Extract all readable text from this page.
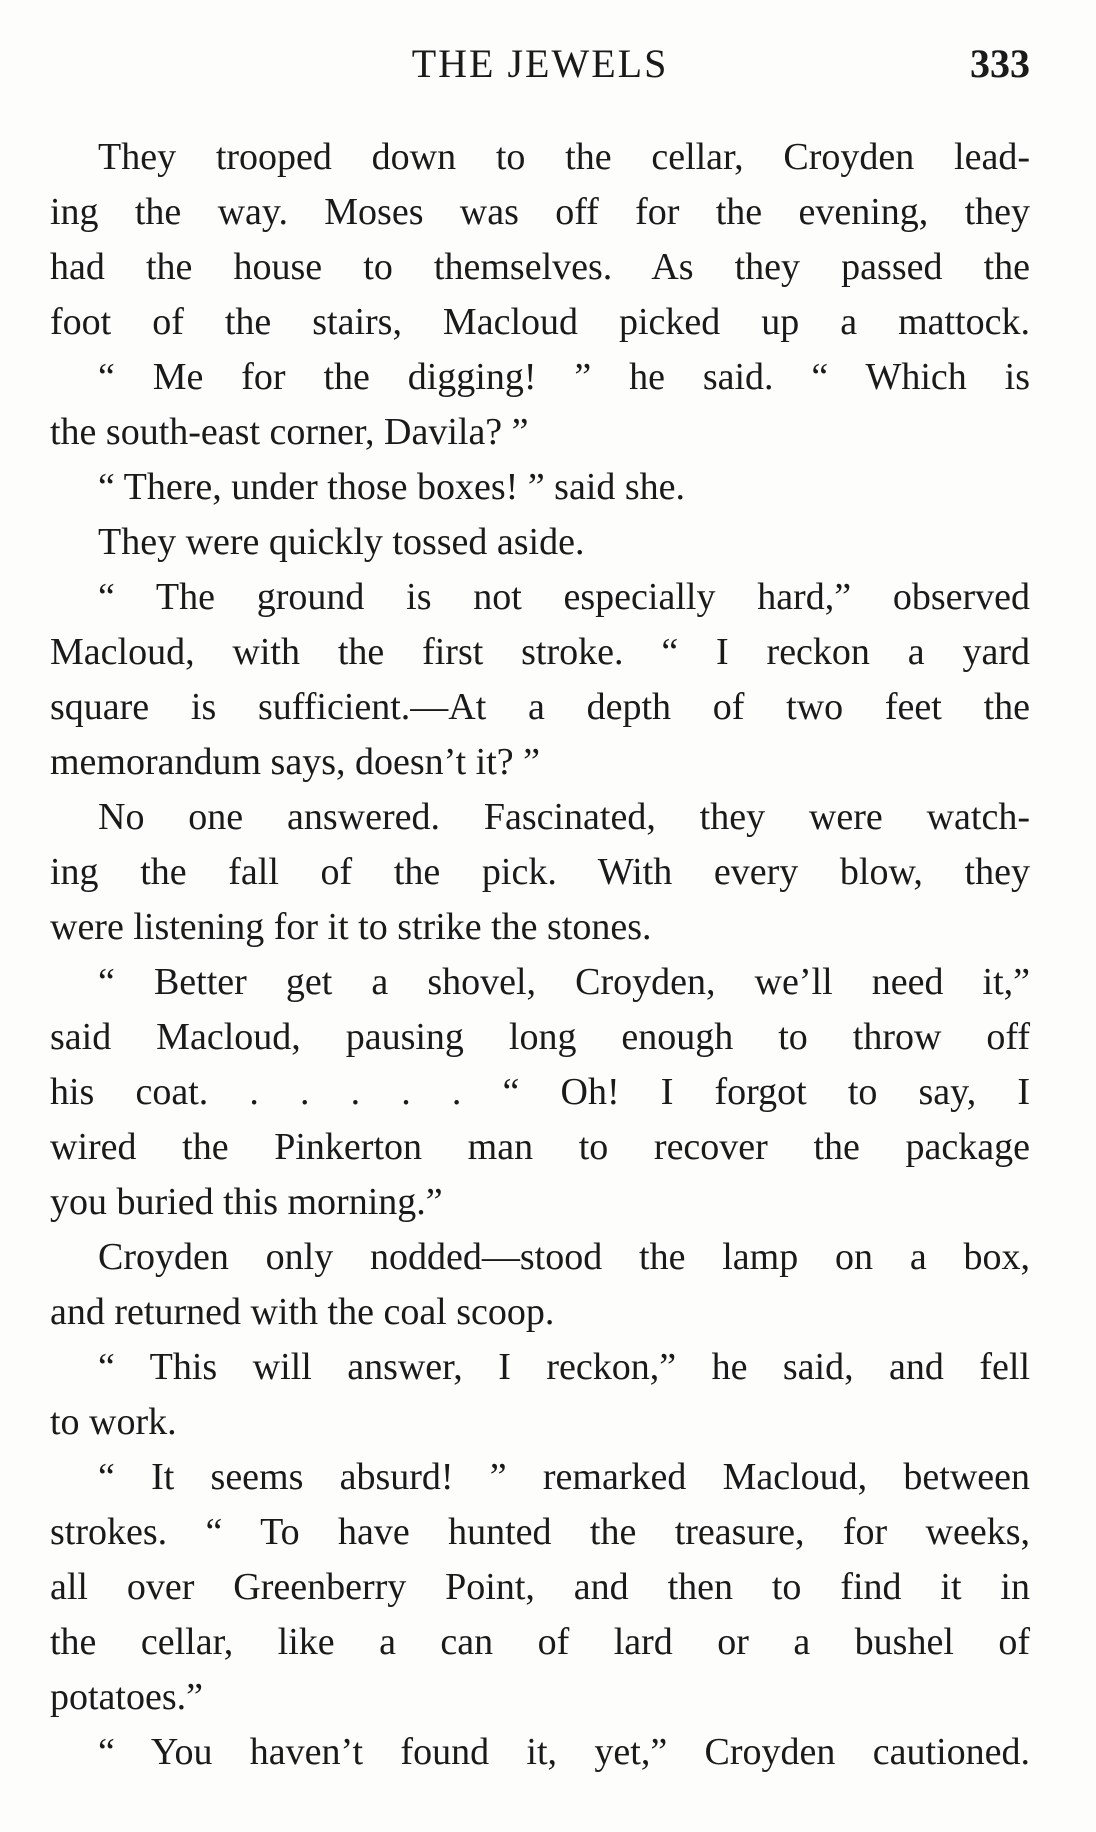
THE JEWELS	333
They trooped down to the cellar, Croyden lead-
ing the way. Moses was off for the evening, they
had the house to themselves. As they passed the
foot of the stairs, Macloud picked up a mattock.
“ Me for the digging! ” he said. “ Which is
the south-east corner, Davila? ”
“ There, under those boxes! ” said she.
They were quickly tossed aside.
“ The ground is not especially hard,” observed
Macloud, with the first stroke. “ I reckon a yard
square is sufficient.—At a depth of two feet the
memorandum says, doesn’t it? ”
No one answered. Fascinated, they were watch-
ing the fall of the pick. With every blow, they
were listening for it to strike the stones.
“ Better get a shovel, Croyden, we’ll need it,”
said Macloud, pausing long enough to throw off
his coat. . . . . . “ Oh! I forgot to say, I
wired the Pinkerton man to recover the package
you buried this morning.”
Croyden only nodded—stood the lamp on a box,
and returned with the coal scoop.
“ This will answer, I reckon,” he said, and fell
to work.
“ It seems absurd! ” remarked Macloud, between
strokes. “ To have hunted the treasure, for weeks,
all over Greenberry Point, and then to find it in
the cellar, like a can of lard or a bushel of
potatoes.”
“ You haven’t found it, yet,” Croyden cautioned.
